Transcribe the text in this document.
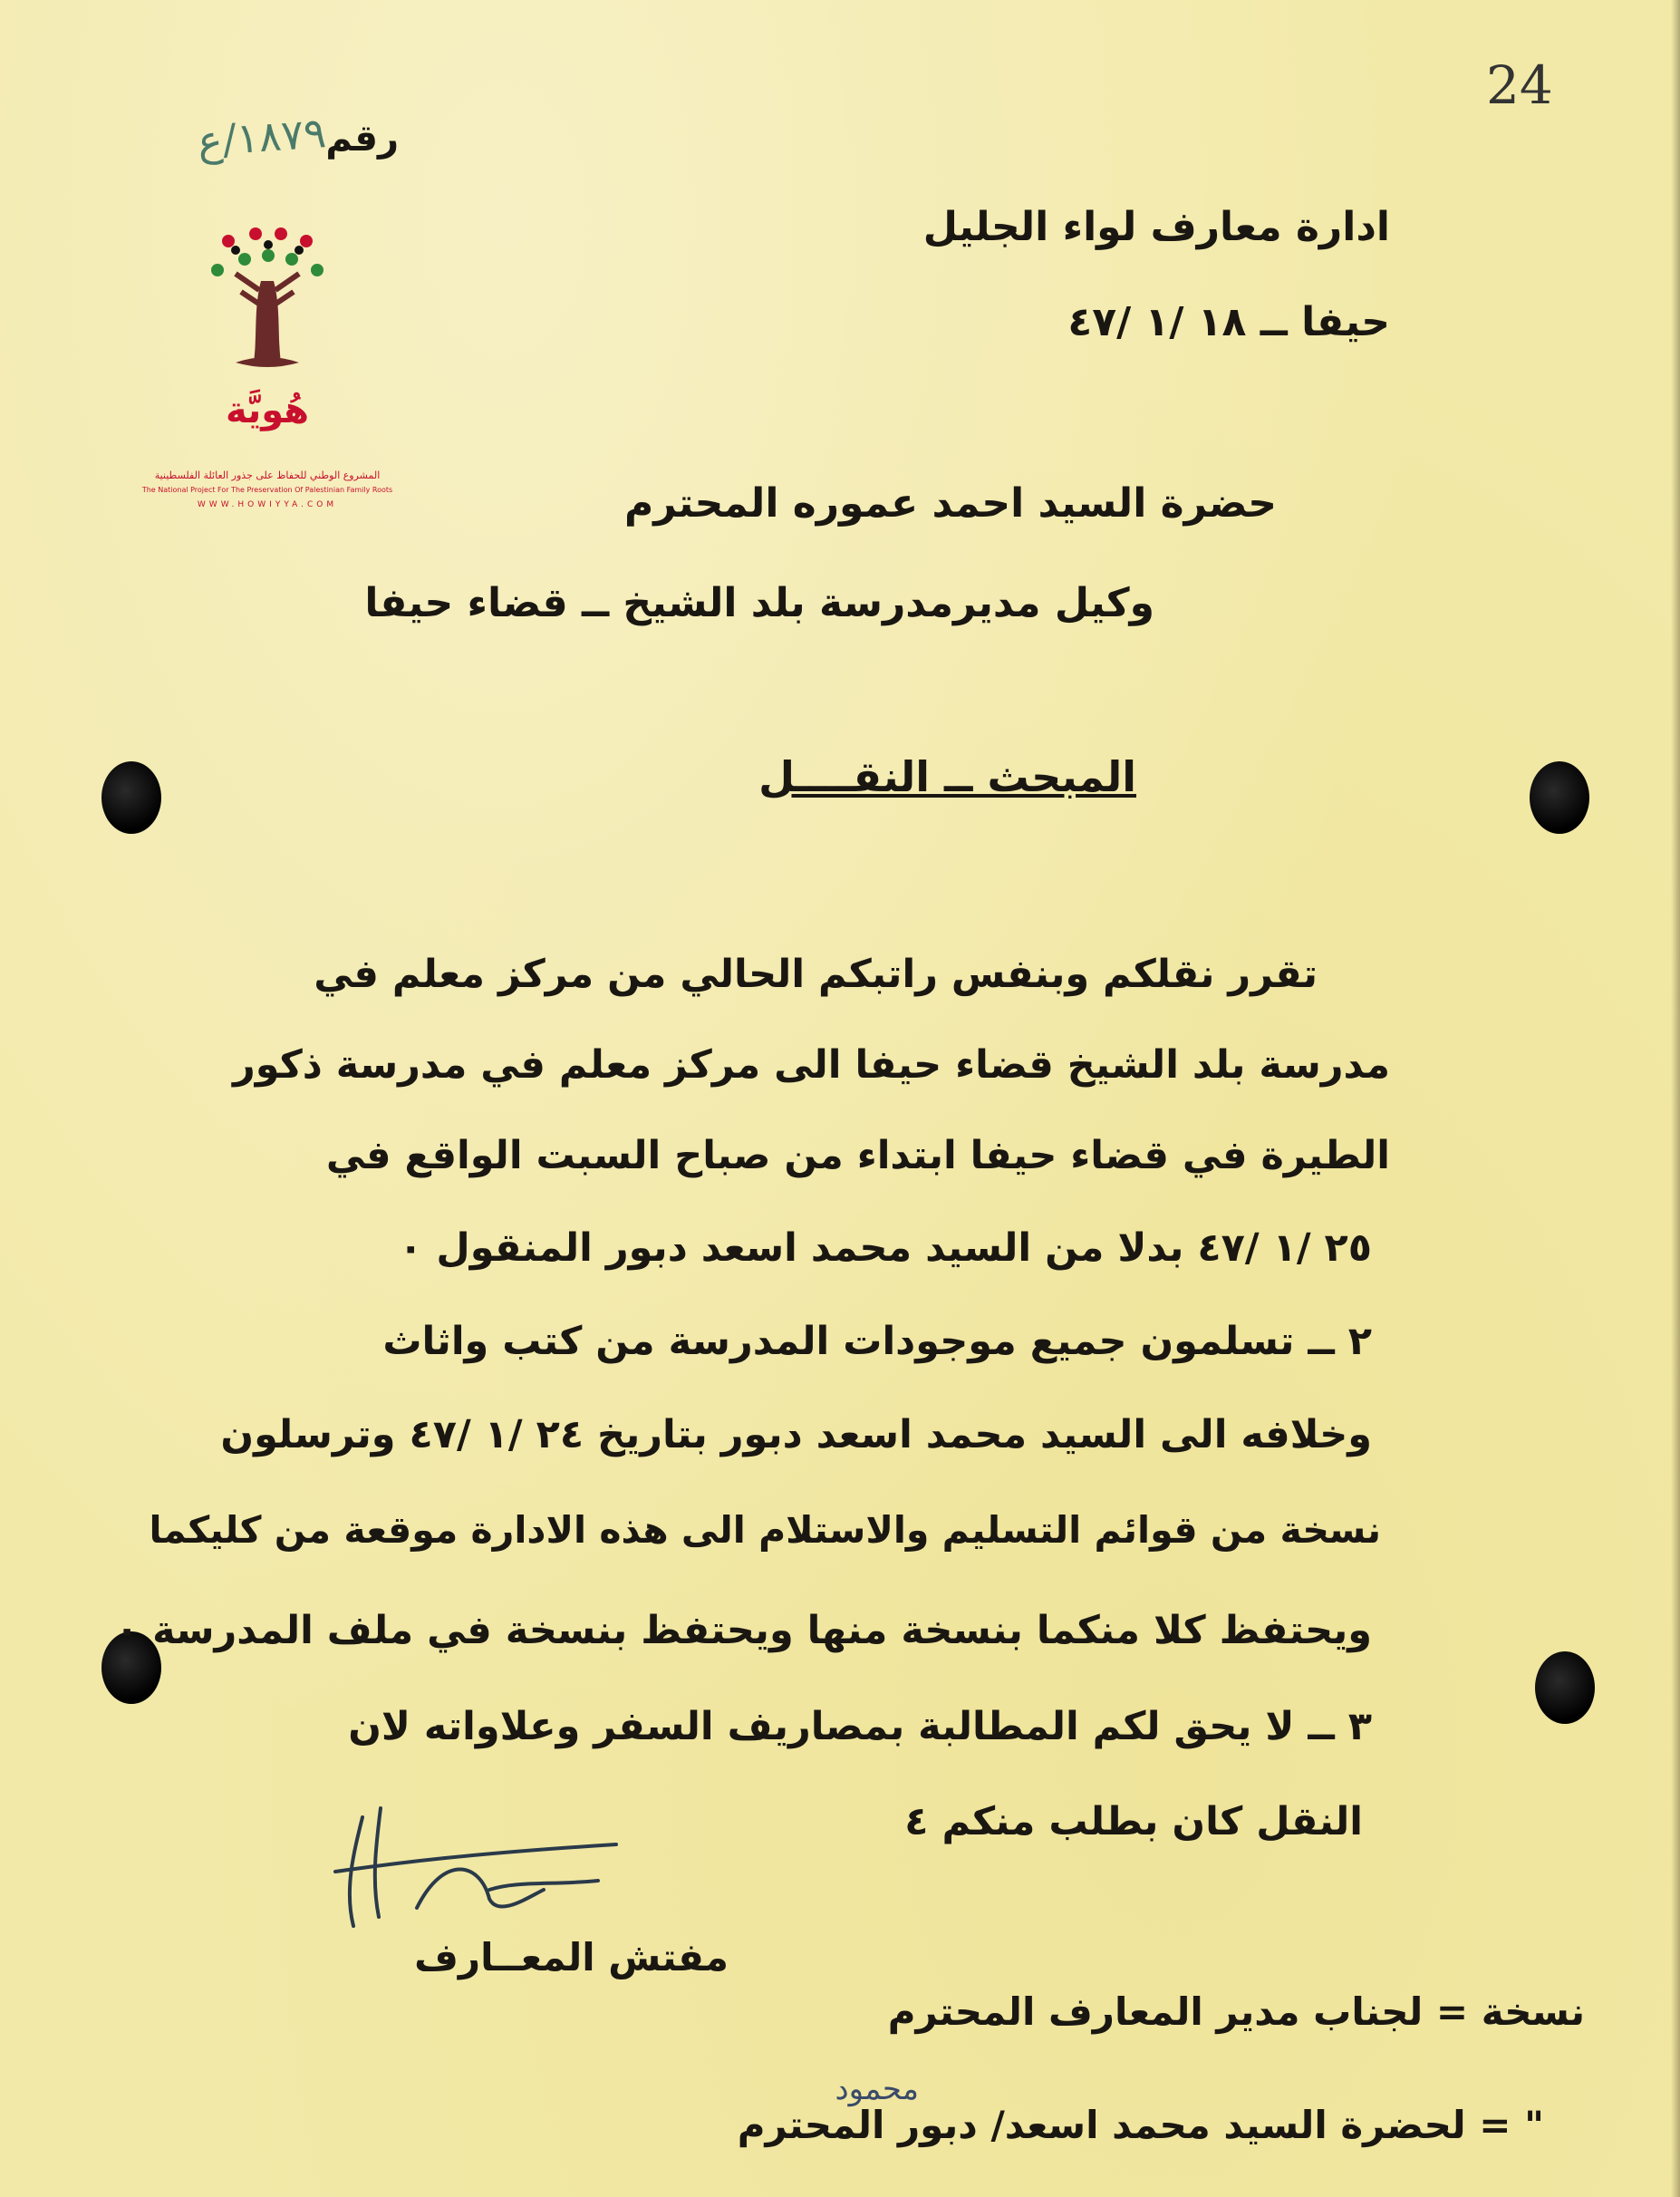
24
رقم
١٨٧٩/ع
هُويَّة
المشروع الوطني للحفاظ على جذور العائلة الفلسطينية
The National Project For The Preservation Of Palestinian Family Roots
WWW.HOWIYYA.COM
ادارة معارف لواء الجليل
حيفا ــ ١٨ /١ /٤٧
حضرة السيد احمد عموره المحترم
وكيل مديرمدرسة بلد الشيخ ــ قضاء حيفا
المبحث ــ النقــــل
تقرر نقلكم وبنفس راتبكم الحالي من مركز معلم في
مدرسة بلد الشيخ قضاء حيفا الى مركز معلم في مدرسة ذكور
الطيرة في قضاء حيفا ابتداء من صباح السبت الواقع في
٢٥ /١ /٤٧ بدلا من السيد محمد اسعد دبور المنقول ٠
٢ ــ تسلمون جميع موجودات المدرسة من كتب واثاث
وخلافه الى السيد محمد اسعد دبور بتاريخ ٢٤ /١ /٤٧ وترسلون
نسخة من قوائم التسليم والاستلام الى هذه الادارة موقعة من كليكما
ويحتفظ كلا منكما بنسخة منها ويحتفظ بنسخة في ملف المدرسة ٠
٣ ــ لا يحق لكم المطالبة بمصاريف السفر وعلاواته لان
النقل كان بطلب منكم ٤
مفتش المعــارف
نسخة = لجناب مدير المعارف المحترم
محمود
" = لحضرة السيد محمد اسعد/ دبور المحترم
